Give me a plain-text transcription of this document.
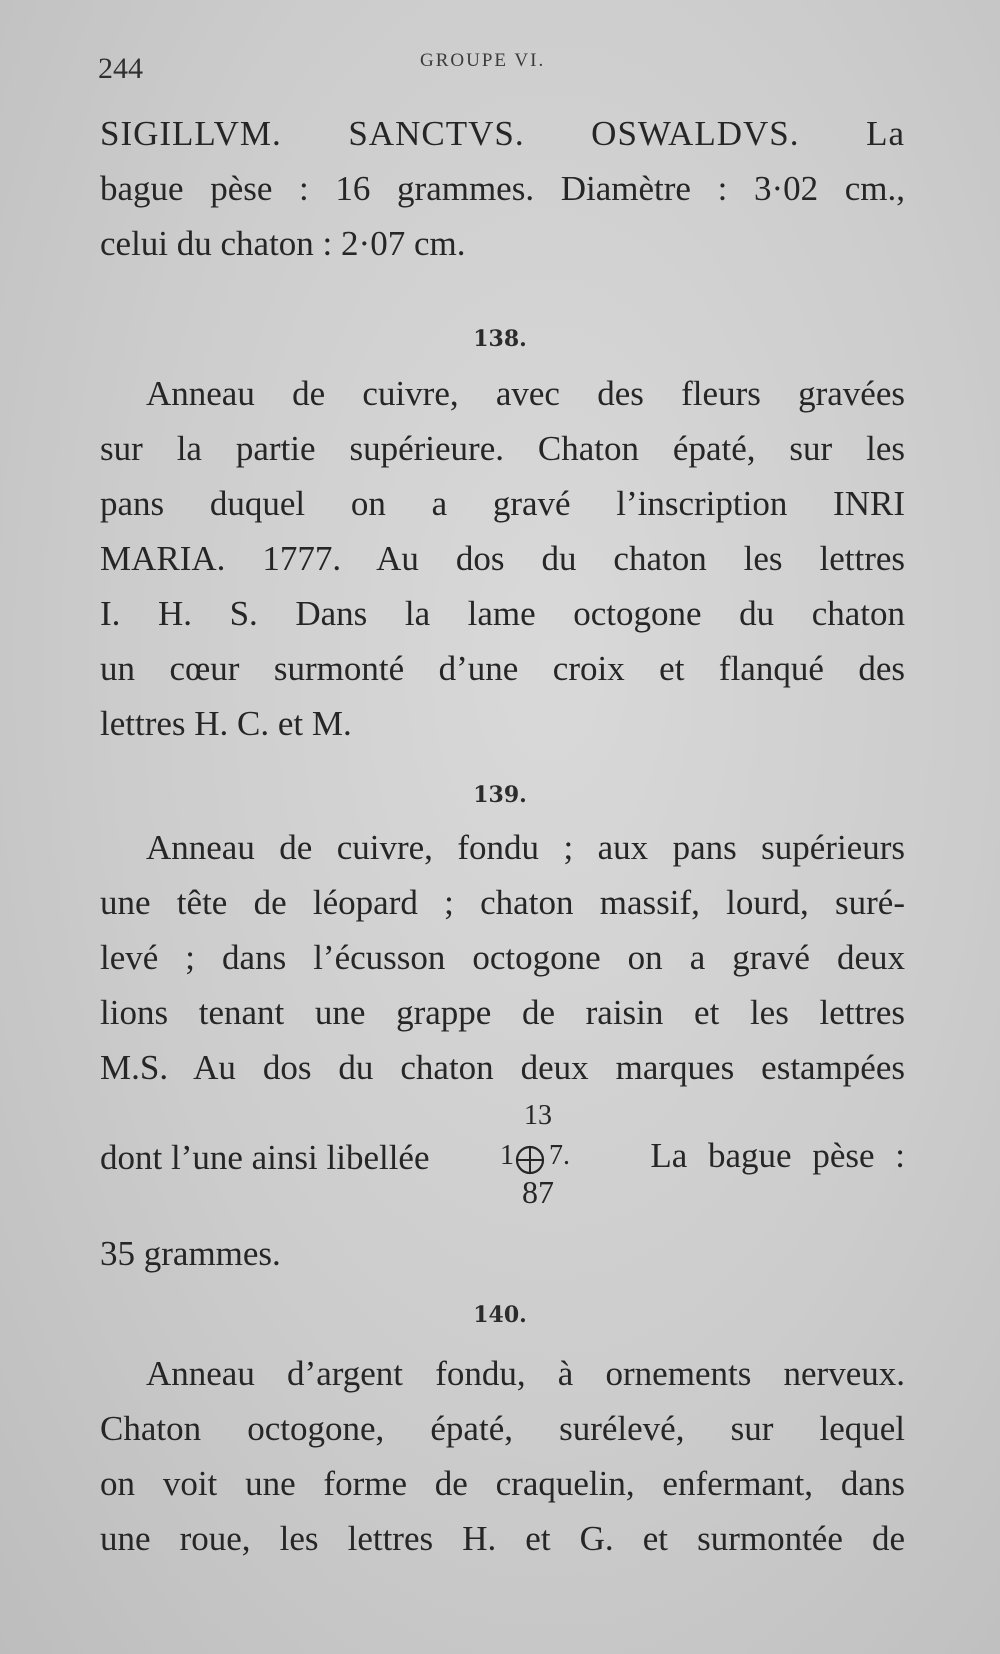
244	GROUPE VI.
SIGILLVM. SANCTVS. OSWALDVS. La
bague pèse : 16 grammes. Diamètre : 3·02 cm.,
celui du chaton : 2·07 cm.
138.
Anneau de cuivre, avec des fleurs gravées
sur la partie supérieure. Chaton épaté, sur les
pans duquel on a gravé l’inscription INRI
MARIA. 1777. Au dos du chaton les lettres
I. H. S. Dans la lame octogone du chaton
un cœur surmonté d’une croix et flanqué des
lettres H. C. et M.
139.
Anneau de cuivre, fondu ; aux pans supérieurs
une tête de léopard ; chaton massif, lourd, suré-
levé ; dans l’écusson octogone on a gravé deux
lions tenant une grappe de raisin et les lettres
M.S. Au dos du chaton deux marques estampées
dont l’une ainsi libellée
13
1 7.
87
La bague pèse :
35 grammes.
140.
Anneau d’argent fondu, à ornements nerveux.
Chaton octogone, épaté, surélevé, sur lequel
on voit une forme de craquelin, enfermant, dans
une roue, les lettres H. et G. et surmontée de
